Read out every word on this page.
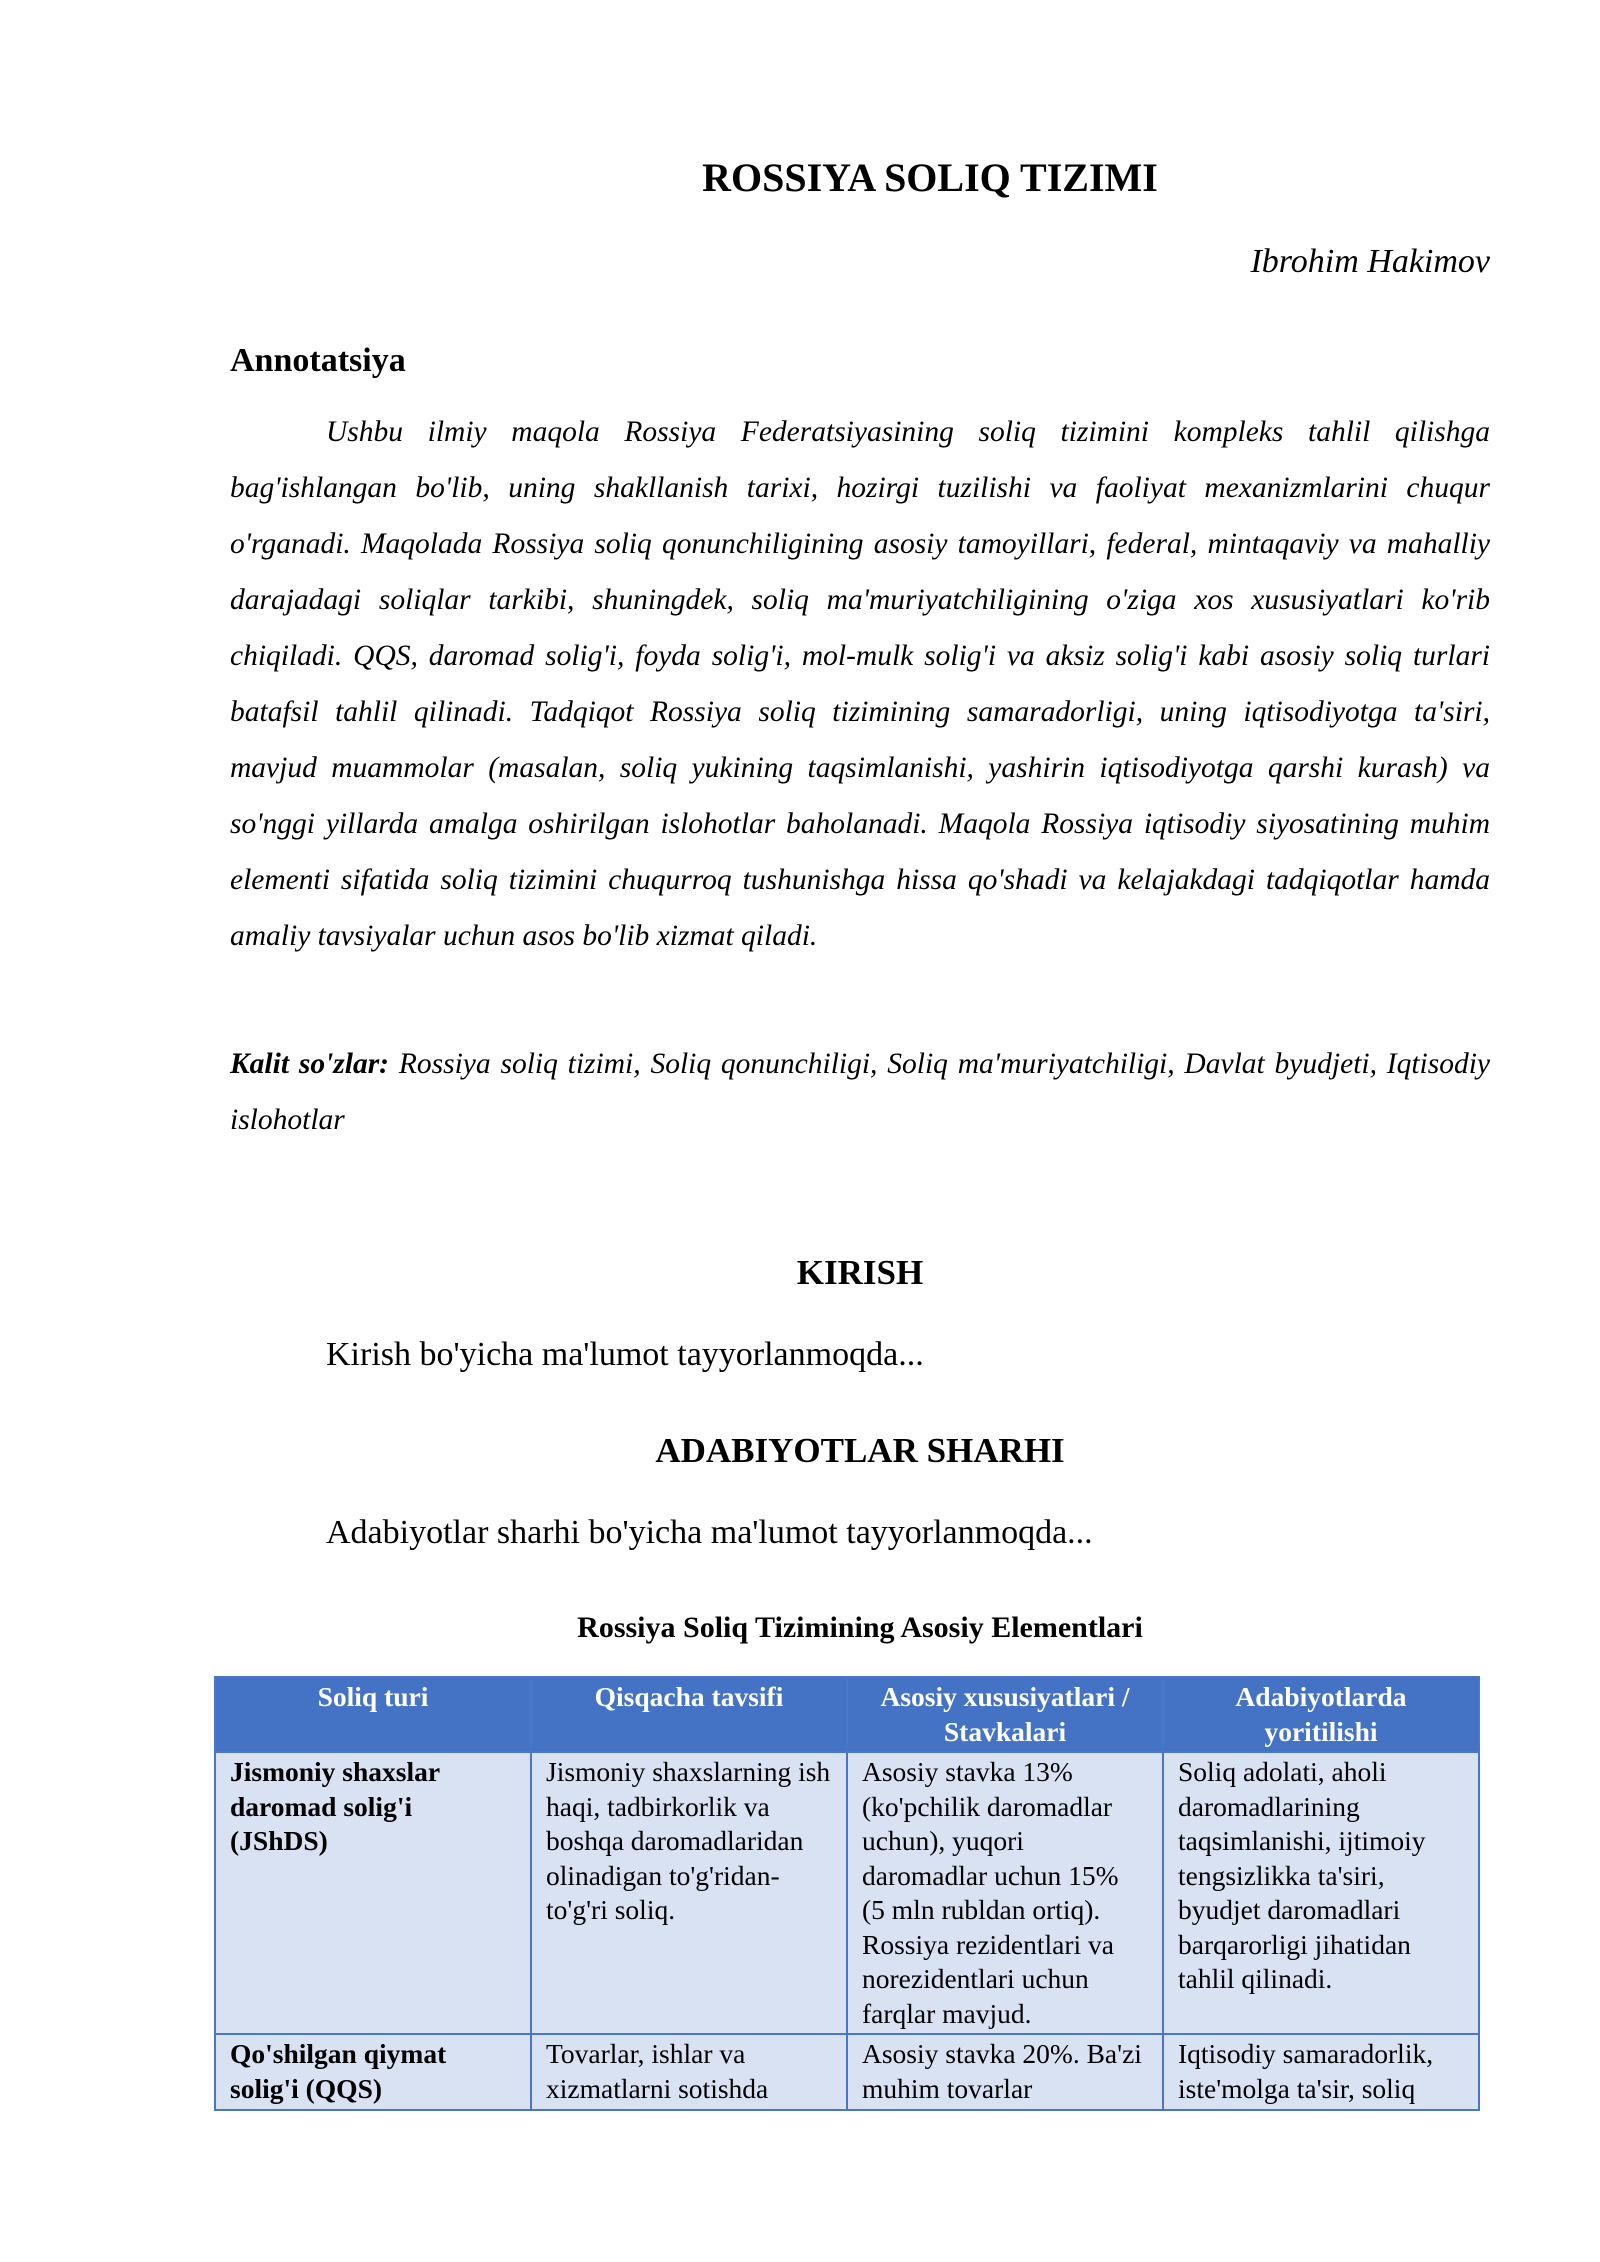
ROSSIYA SOLIQ TIZIMI
Ibrohim Hakimov
Annotatsiya

Ushbu ilmiy maqola Rossiya Federatsiyasining soliq tizimini kompleks tahlil qilishga bag'ishlangan bo'lib, uning shakllanish tarixi, hozirgi tuzilishi va faoliyat mexanizmlarini chuqur o'rganadi. Maqolada Rossiya soliq qonunchiligining asosiy tamoyillari, federal, mintaqaviy va mahalliy darajadagi soliqlar tarkibi, shuningdek, soliq ma'muriyatchiligining o'ziga xos xususiyatlari ko'rib chiqiladi. QQS, daromad solig'i, foyda solig'i, mol-mulk solig'i va aksiz solig'i kabi asosiy soliq turlari batafsil tahlil qilinadi. Tadqiqot Rossiya soliq tizimining samaradorligi, uning iqtisodiyotga ta'siri, mavjud muammolar (masalan, soliq yukining taqsimlanishi, yashirin iqtisodiyotga qarshi kurash) va so'nggi yillarda amalga oshirilgan islohotlar baholanadi. Maqola Rossiya iqtisodiy siyosatining muhim elementi sifatida soliq tizimini chuqurroq tushunishga hissa qo'shadi va kelajakdagi tadqiqotlar hamda amaliy tavsiyalar uchun asos bo'lib xizmat qiladi.

Kalit so'zlar: Rossiya soliq tizimi, Soliq qonunchiligi, Soliq ma'muriyatchiligi, Davlat byudjeti, Iqtisodiy islohotlar

KIRISH
Kirish bo'yicha ma'lumot tayyorlanmoqda...
ADABIYOTLAR SHARHI
Adabiyotlar sharhi bo'yicha ma'lumot tayyorlanmoqda...
Rossiya Soliq Tizimining Asosiy Elementlari
Soliq turi	Qisqacha tavsifi	Asosiy xususiyatlari / Stavkalari	Adabiyotlarda yoritilishi
Jismoniy shaxslar daromad solig'i (JShDS)	Jismoniy shaxslarning ish haqi, tadbirkorlik va boshqa daromadlaridan olinadigan to'g'ridan-to'g'ri soliq.	Asosiy stavka 13% (ko'pchilik daromadlar uchun), yuqori daromadlar uchun 15% (5 mln rubldan ortiq). Rossiya rezidentlari va norezidentlari uchun farqlar mavjud.	Soliq adolati, aholi daromadlarining taqsimlanishi, ijtimoiy tengsizlikka ta'siri, byudjet daromadlari barqarorligi jihatidan tahlil qilinadi.

Qo'shilgan qiymat solig'i (QQS)	Tovarlar, ishlar va xizmatlarni sotishda	Asosiy stavka 20%. Ba'zi muhim tovarlar	Iqtisodiy samaradorlik, iste'molga ta'sir, soliq
